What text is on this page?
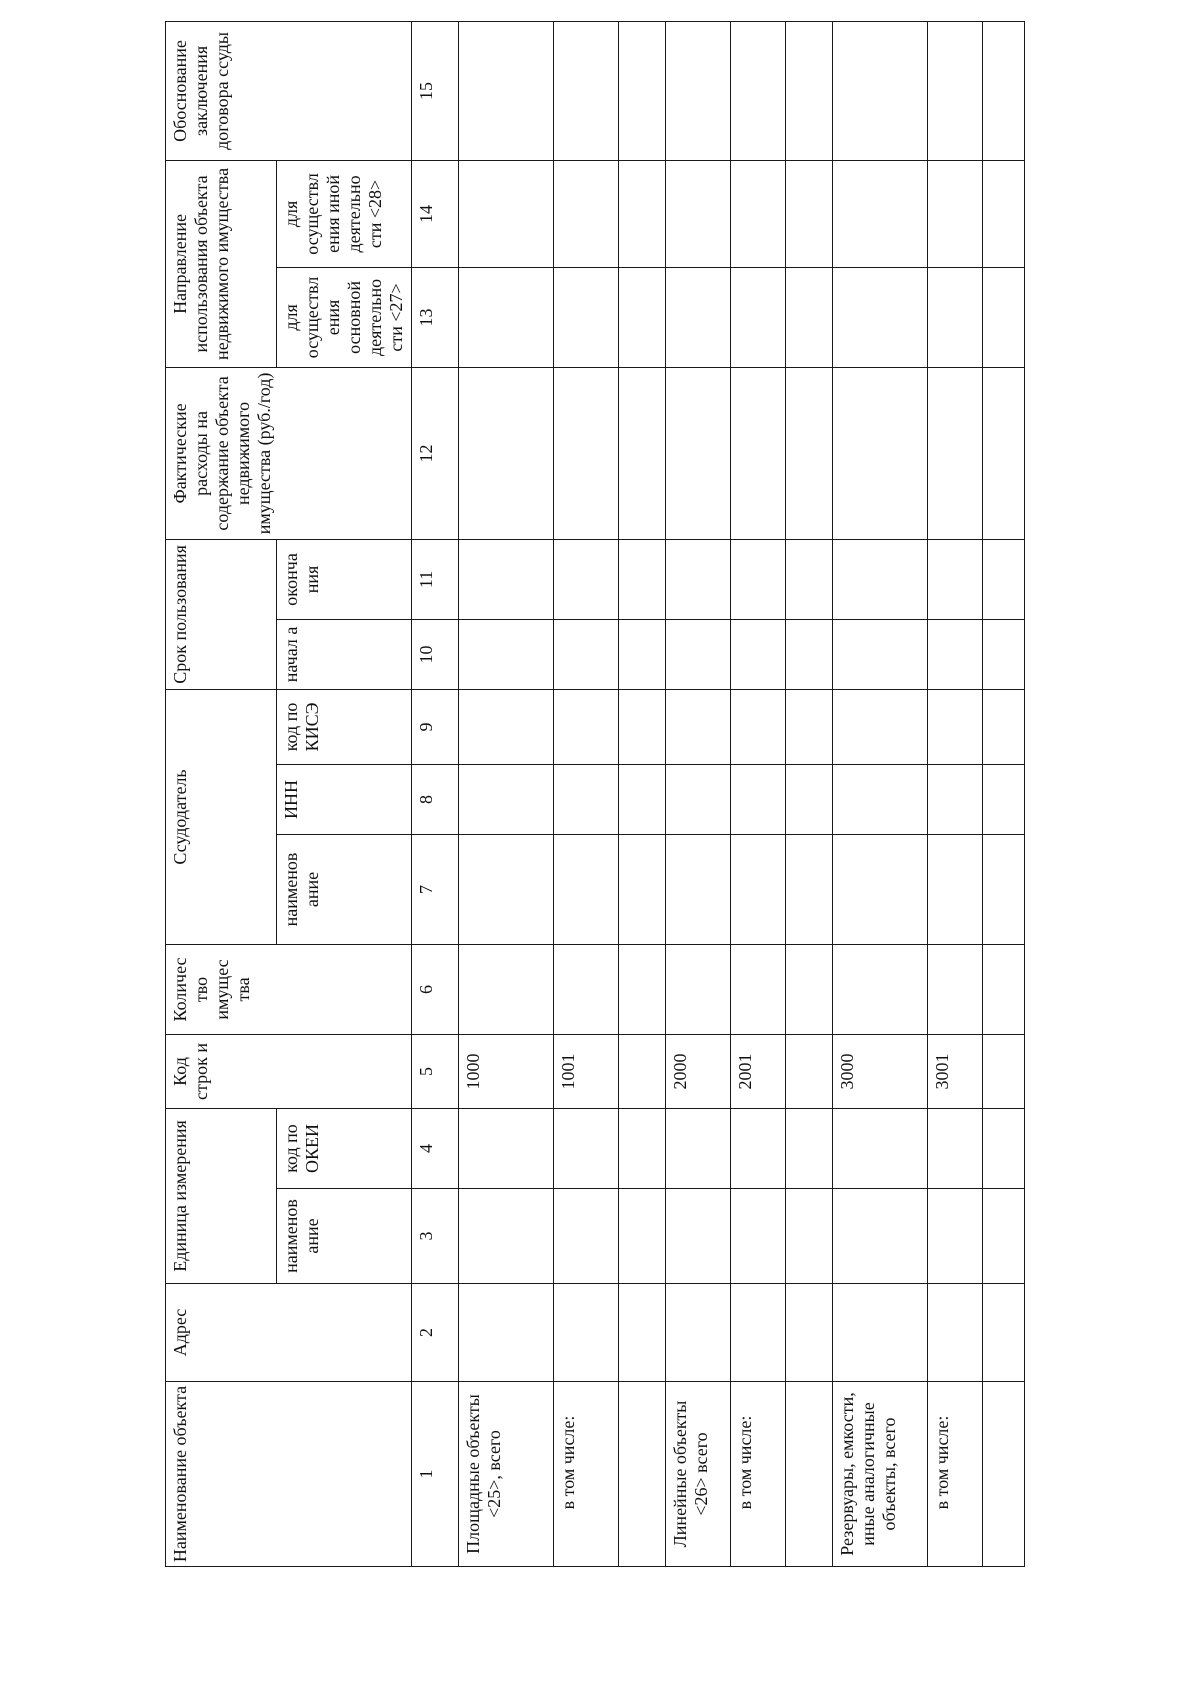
Наименование объекта	Адрес	Единица измерения		Код строк и	Количес тво имущес тва	Ссудодатель			Срок пользования		Фактические расходы на содержание объекта недвижимого имущества (руб./год)	Направление использования объекта недвижимого имущества		Обоснование заключения договора ссуды
		наименов ание	код по ОКЕИ			наименов ание	ИНН	код по КИСЭ	начал а	оконча ния		для осуществл ения основной деятельно сти <27>	для осуществл ения иной деятельно сти <28>	
1	2	3	4	5	6	7	8	9	10	11	12	13	14	15
Площадные объекты <25>, всего				1000										
в том числе:				1001										

Линейные объекты <26> всего				2000										
в том числе:				2001										

Резервуары, емкости, иные аналогичные объекты, всего				3000										
в том числе:				3001										
